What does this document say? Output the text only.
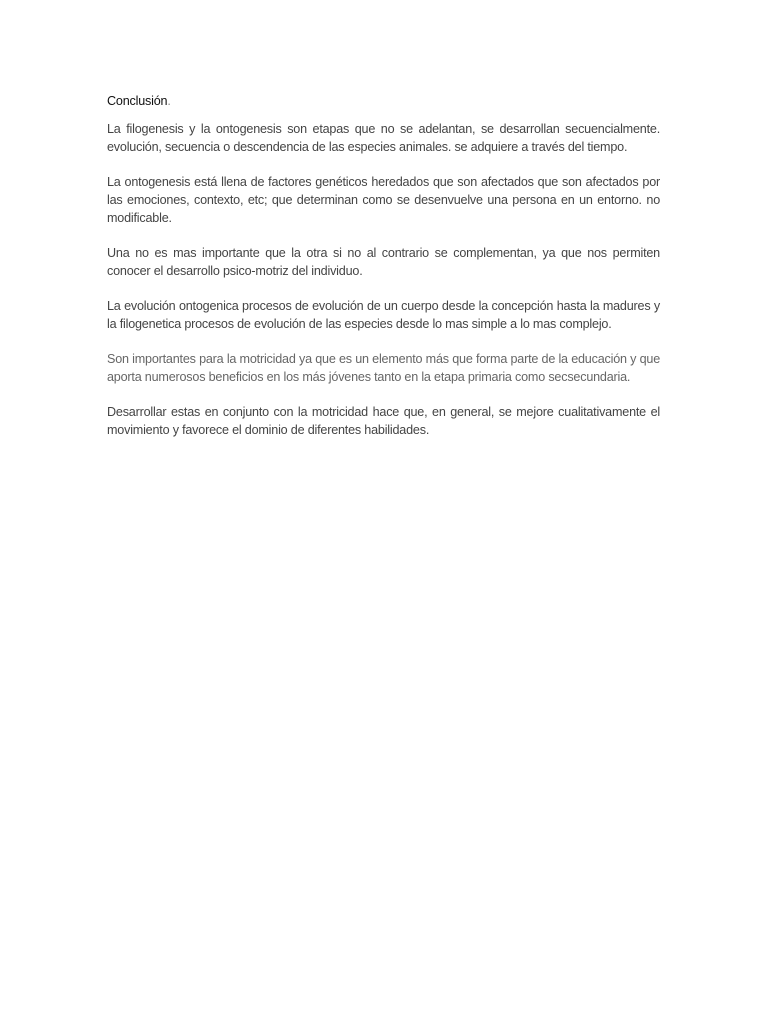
Conclusión.

La filogenesis y la ontogenesis son etapas que no se adelantan, se desarrollan secuencialmente. evolución, secuencia o descendencia de las especies animales. se adquiere a través del tiempo.

La ontogenesis está llena de factores genéticos heredados que son afectados que son afectados por las emociones, contexto, etc; que determinan como se desenvuelve una persona en un entorno. no modificable.

Una no es mas importante que la otra si no al contrario se complementan, ya que nos permiten conocer el desarrollo psico-motriz del individuo.

La evolución ontogenica procesos de evolución de un cuerpo desde la concepción hasta la madures y la filogenetica procesos de evolución de las especies desde lo mas simple a lo mas complejo.

Son importantes para la motricidad ya que es un elemento más que forma parte de la educación y que aporta numerosos beneficios en los más jóvenes tanto en la etapa primaria como secsecundaria.

Desarrollar estas en conjunto con la motricidad hace que, en general, se mejore cualitativamente el movimiento y favorece el dominio de diferentes habilidades.
